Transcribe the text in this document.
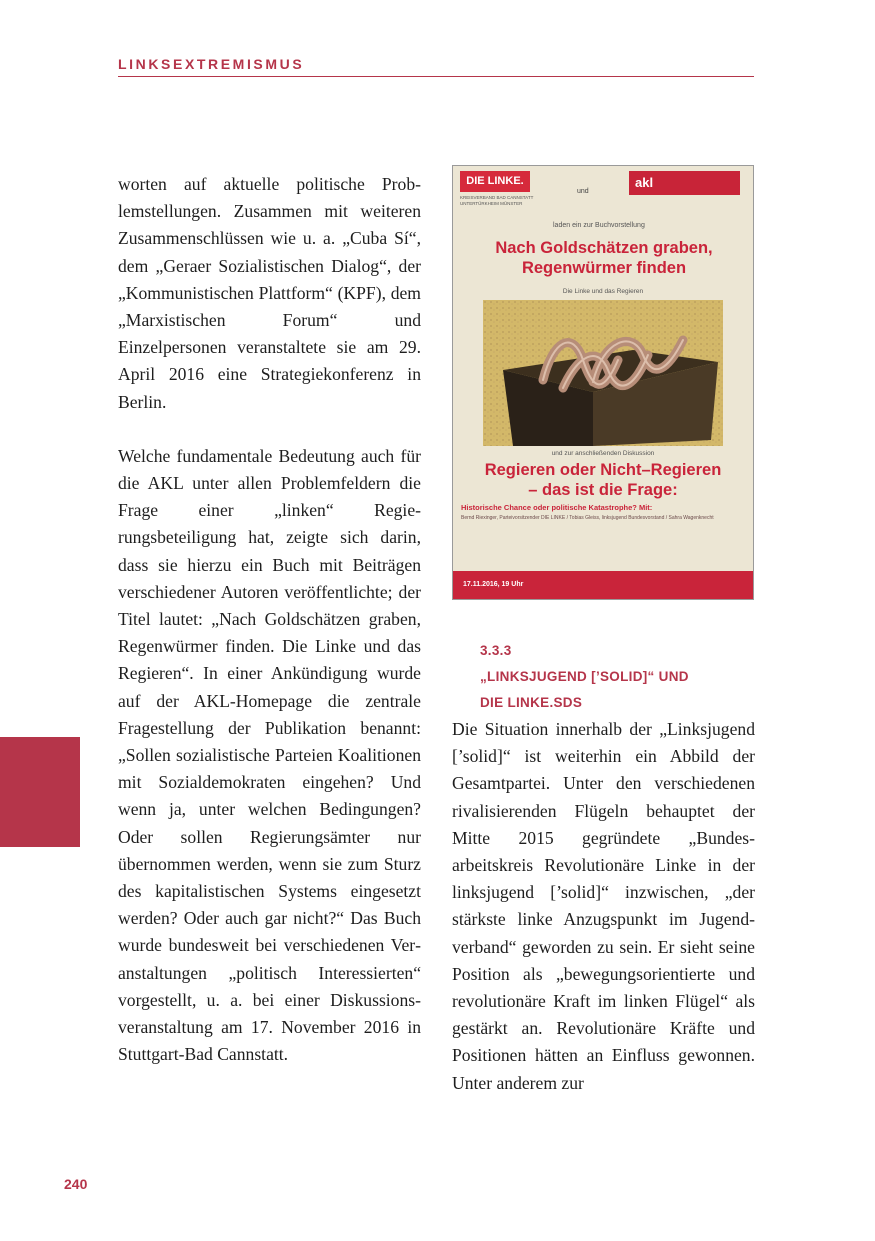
LINKSEXTREMISMUS

worten auf aktuelle politische Problemstellungen. Zusammen mit weiteren Zusammenschlüssen wie u. a. „Cuba Sí“, dem „Geraer Sozialistischen Dialog“, der „Kommunistischen Plattform“ (KPF), dem „Marxistischen Forum“ und Einzelpersonen veranstaltete sie am 29. April 2016 eine Strategiekonferenz in Berlin.

Welche fundamentale Bedeutung auch für die AKL unter allen Problemfeldern die Frage einer „linken“ Regierungsbeteiligung hat, zeigte sich darin, dass sie hierzu ein Buch mit Beiträgen verschiedener Autoren veröffentlichte; der Titel lautet: „Nach Goldschätzen graben, Regenwürmer finden. Die Linke und das Regieren“. In einer Ankündigung wurde auf der AKL-Homepage die zentrale Fragestellung der Publikation benannt: „Sollen sozialistische Parteien Koalitionen mit Sozialdemokraten eingehen? Und wenn ja, unter welchen Bedingungen? Oder sollen Regierungsämter nur übernommen werden, wenn sie zum Sturz des kapitalistischen Systems eingesetzt werden? Oder auch gar nicht?“ Das Buch wurde bundesweit bei verschiedenen Veranstaltungen „politisch Interessierten“ vorgestellt, u. a. bei einer Diskussionsveranstaltung am 17. November 2016 in Stuttgart-Bad Cannstatt.

DIE LINKE.
KREISVERBAND BAD CANNSTATT UNTERTÜRKHEIM MÜNSTER
und
akl
laden ein zur Buchvorstellung
Nach Goldschätzen graben,
Regenwürmer finden
Die Linke und das Regieren
und zur anschließenden Diskussion
Regieren oder Nicht–Regieren
– das ist die Frage:
Historische Chance oder politische Katastrophe? Mit:
Bernd Riexinger, Parteivorsitzender DIE LINKE / Tobias Gleiss, linksjugend Bundesvorstand / Sahra Wagenknecht
17.11.2016, 19 Uhr
3.3.3
„LINKSJUGEND [’SOLID]“ UND
DIE LINKE.SDS

Die Situation innerhalb der „Linksjugend [’solid]“ ist weiterhin ein Abbild der Gesamtpartei. Unter den verschiedenen rivalisierenden Flügeln behauptet der Mitte 2015 gegründete „Bundesarbeitskreis Revolutionäre Linke in der linksjugend [’solid]“ inzwischen, „der stärkste linke Anzugspunkt im Jugendverband“ geworden zu sein. Er sieht seine Position als „bewegungsorientierte und revolutionäre Kraft im linken Flügel“ als gestärkt an. Revolutionäre Kräfte und Positionen hätten an Einfluss gewonnen. Unter anderem zur

240
